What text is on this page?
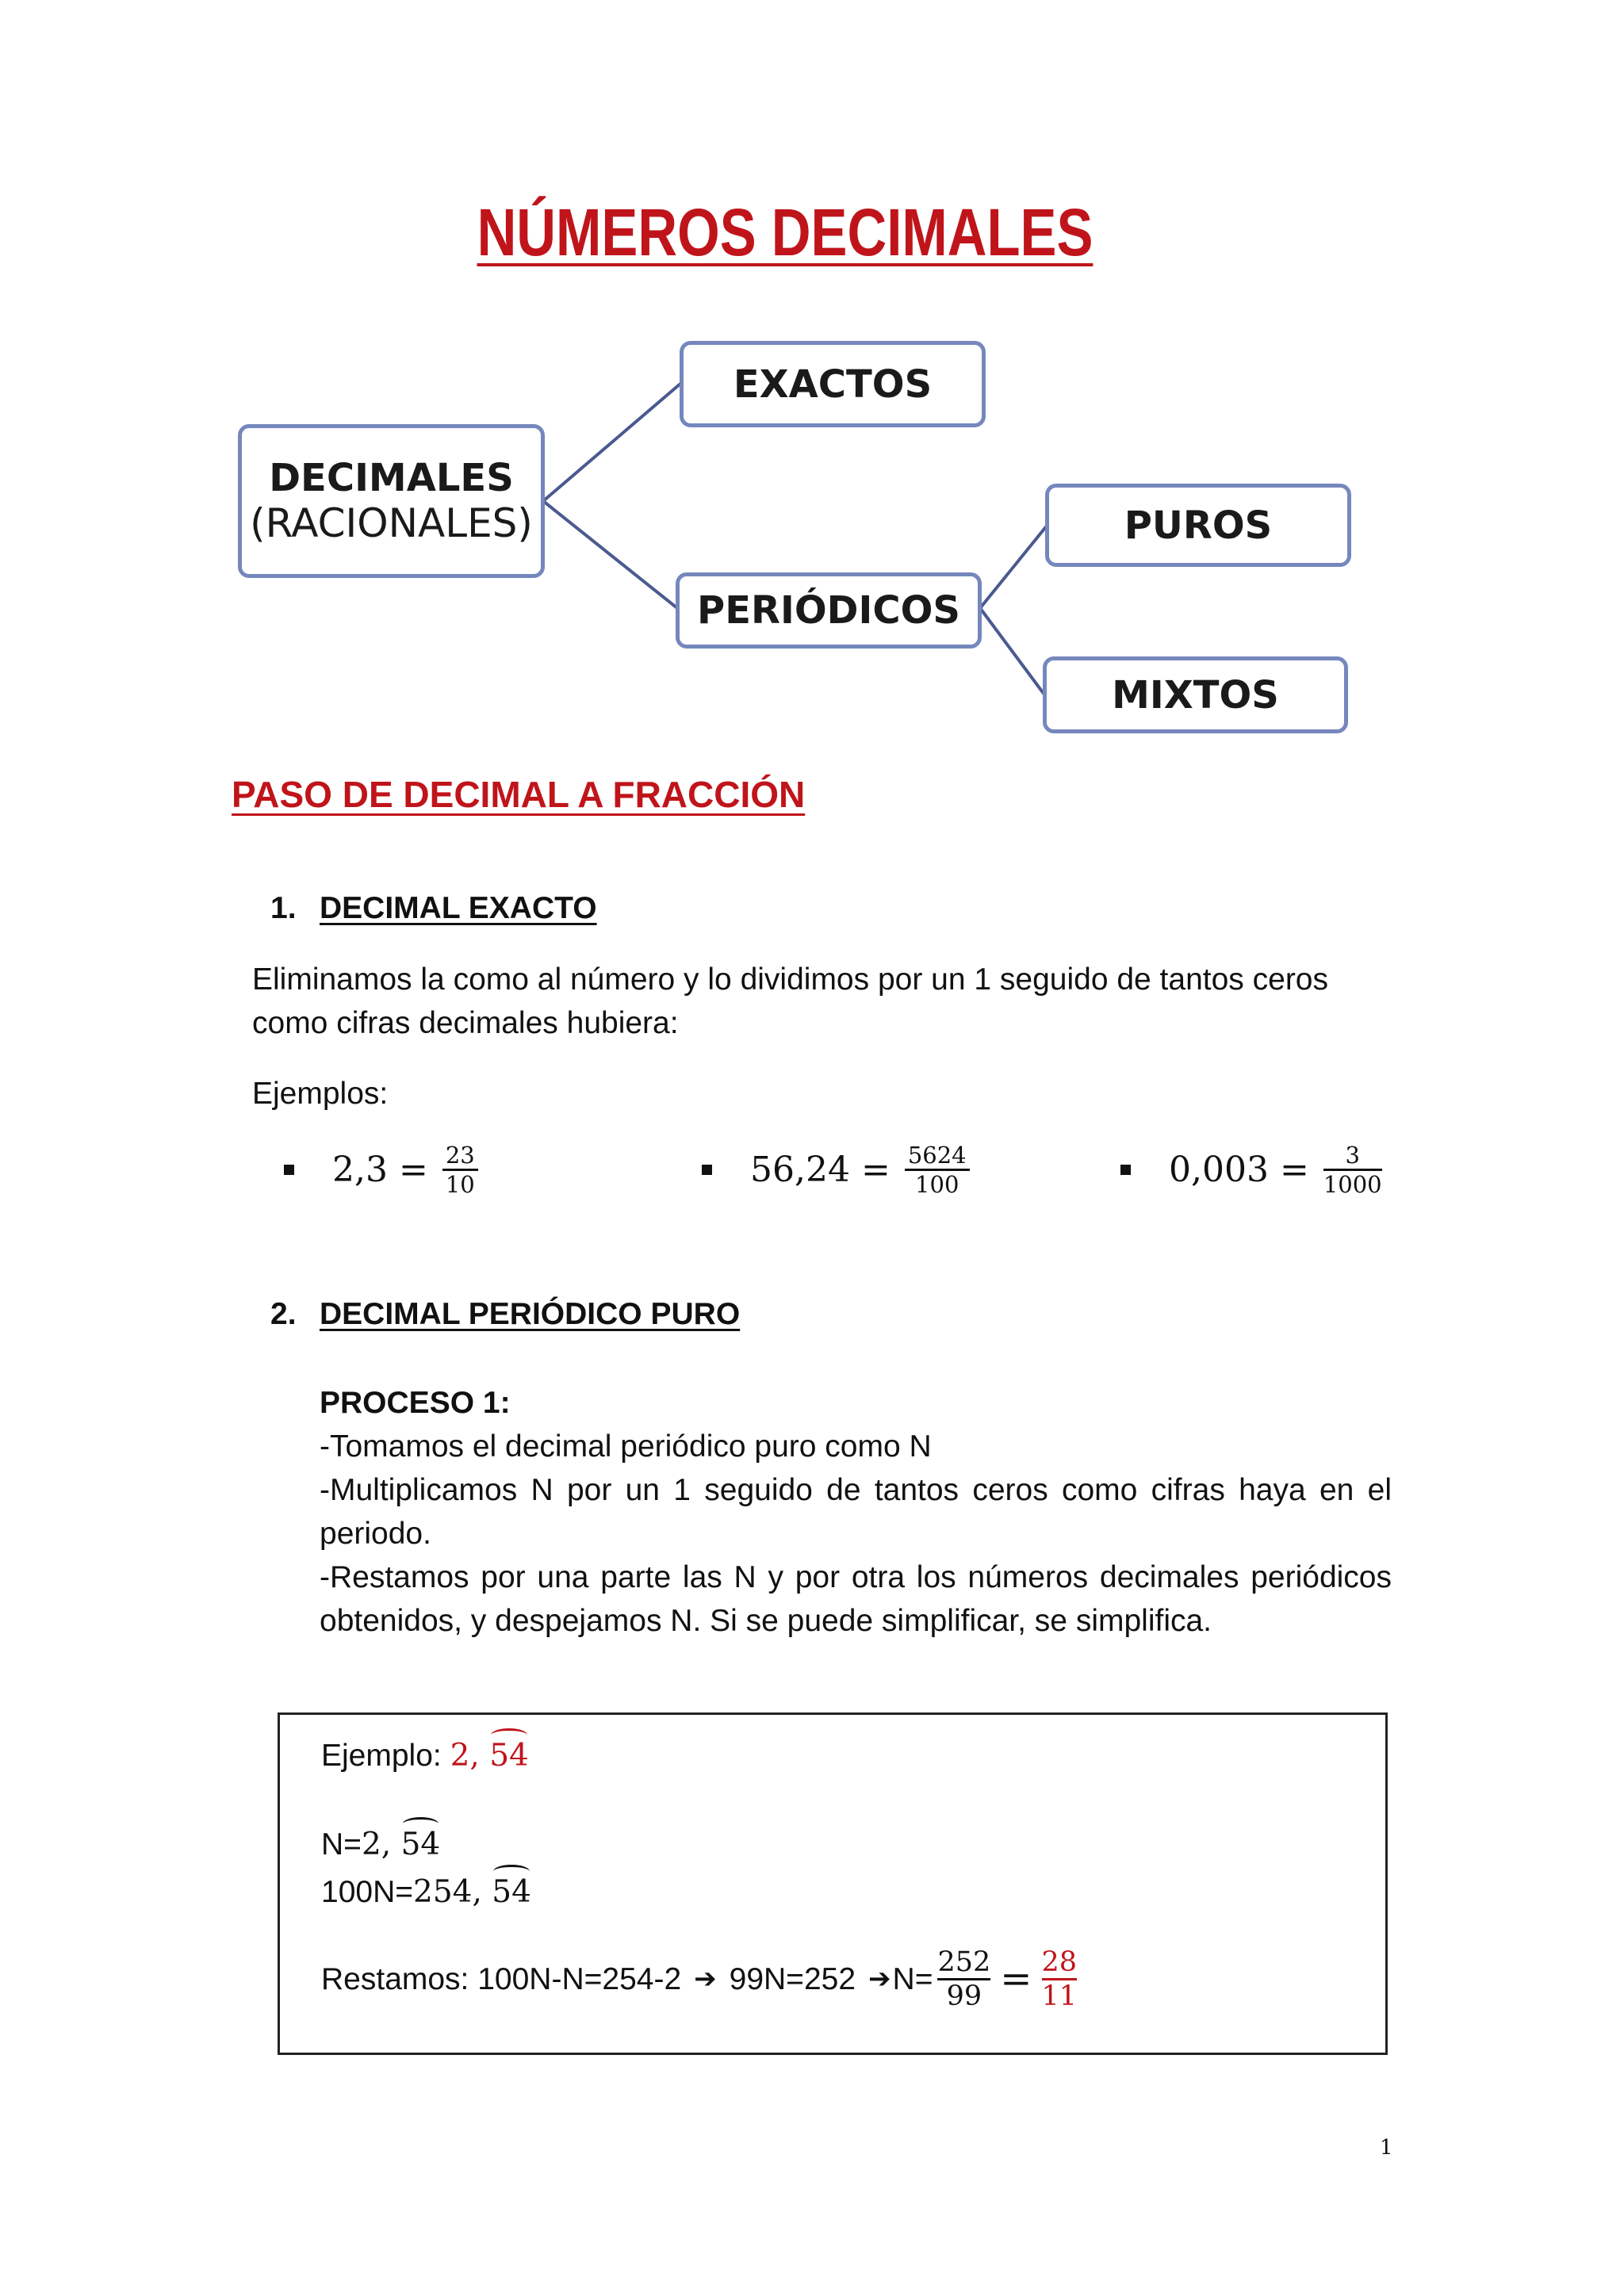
NÚMEROS DECIMALES
DECIMALES
(RACIONALES)
EXACTOS
PERIÓDICOS
PUROS
MIXTOS
PASO DE DECIMAL A FRACCIÓN
1. DECIMAL EXACTO
Eliminamos la como al número y lo dividimos por un 1 seguido de tantos ceros como cifras decimales hubiera:
Ejemplos:
$2,3 = \frac{23}{10}$	$56,24 = \frac{5624}{100}$	$0,003 = \frac{3}{1000}$
2. DECIMAL PERIÓDICO PURO
PROCESO 1:
-Tomamos el decimal periódico puro como N
-Multiplicamos N por un 1 seguido de tantos ceros como cifras haya en el periodo.
-Restamos por una parte las N y por otra los números decimales periódicos obtenidos, y despejamos N. Si se puede simplificar, se simplifica.
Ejemplo: 2, 54
N=2, 54
100N=254, 54
Restamos: 100N-N=254-2 ➔ 99N=252 ➔ N= 252
99 = 28
11
1
